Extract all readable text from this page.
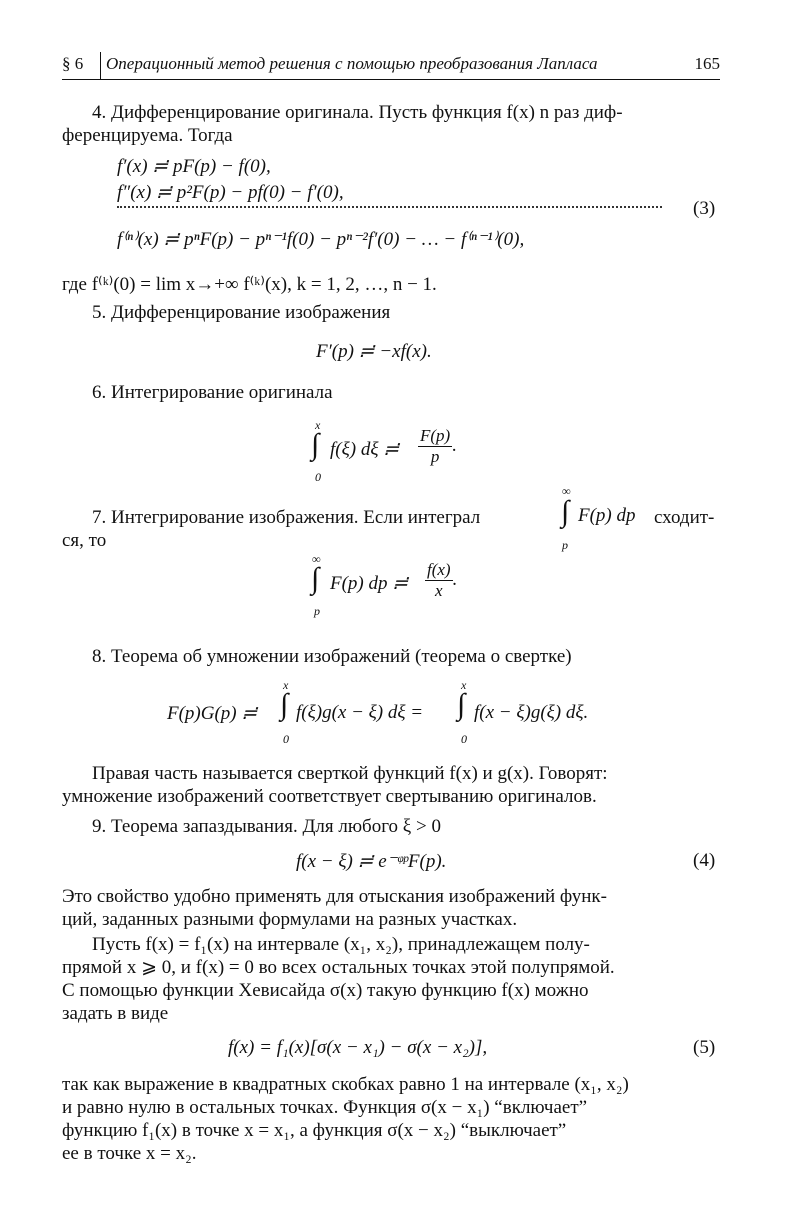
§ 6 Операционный метод решения с помощью преобразования Лапласа	165
4. Дифференцирование оригинала. Пусть функция f(x) n раз диф-
ференцируема. Тогда
f′(x) ≓ pF(p) − f(0),
f″(x) ≓ p²F(p) − pf(0) − f′(0),
f⁽ⁿ⁾(x) ≓ pⁿF(p) − pⁿ⁻¹f(0) − pⁿ⁻²f′(0) − … − f⁽ⁿ⁻¹⁾(0),
(3)
где f⁽ᵏ⁾(0) = lim x→+∞ f⁽ᵏ⁾(x), k = 1, 2, …, n − 1.
5. Дифференцирование изображения
F′(p) ≓ −xf(x).
6. Интегрирование оригинала
x
∫
0
f(ξ) dξ ≓ $\frac{F(p)}{p}$ .
7. Интегрирование изображения. Если интеграл
∞
∫
p
F(p) dp сходит-
ся, то
∞
∫
p
F(p) dp ≓ $\frac{f(x)}{x}$ .
8. Теорема об умножении изображений (теорема о свертке)
F(p)G(p) ≓
x
∫
0
f(ξ)g(x − ξ) dξ =
x
∫
0
f(x − ξ)g(ξ) dξ.
Правая часть называется сверткой функций f(x) и g(x). Говорят:
умножение изображений соответствует свертыванию оригиналов.
9. Теорема запаздывания. Для любого ξ > 0
f(x − ξ) ≓ e⁻ᵠᵖF(p).	(4)
Это свойство удобно применять для отыскания изображений функ-
ций, заданных разными формулами на разных участках.
Пусть f(x) = f₁(x) на интервале (x₁, x₂), принадлежащем полу-
прямой x ⩾ 0, и f(x) = 0 во всех остальных точках этой полупрямой.
С помощью функции Хевисайда σ(x) такую функцию f(x) можно
задать в виде
f(x) = f₁(x)[σ(x − x₁) − σ(x − x₂)],	(5)
так как выражение в квадратных скобках равно 1 на интервале (x₁, x₂)
и равно нулю в остальных точках. Функция σ(x − x₁) “включает”
функцию f₁(x) в точке x = x₁, а функция σ(x − x₂) “выключает”
ее в точке x = x₂.
